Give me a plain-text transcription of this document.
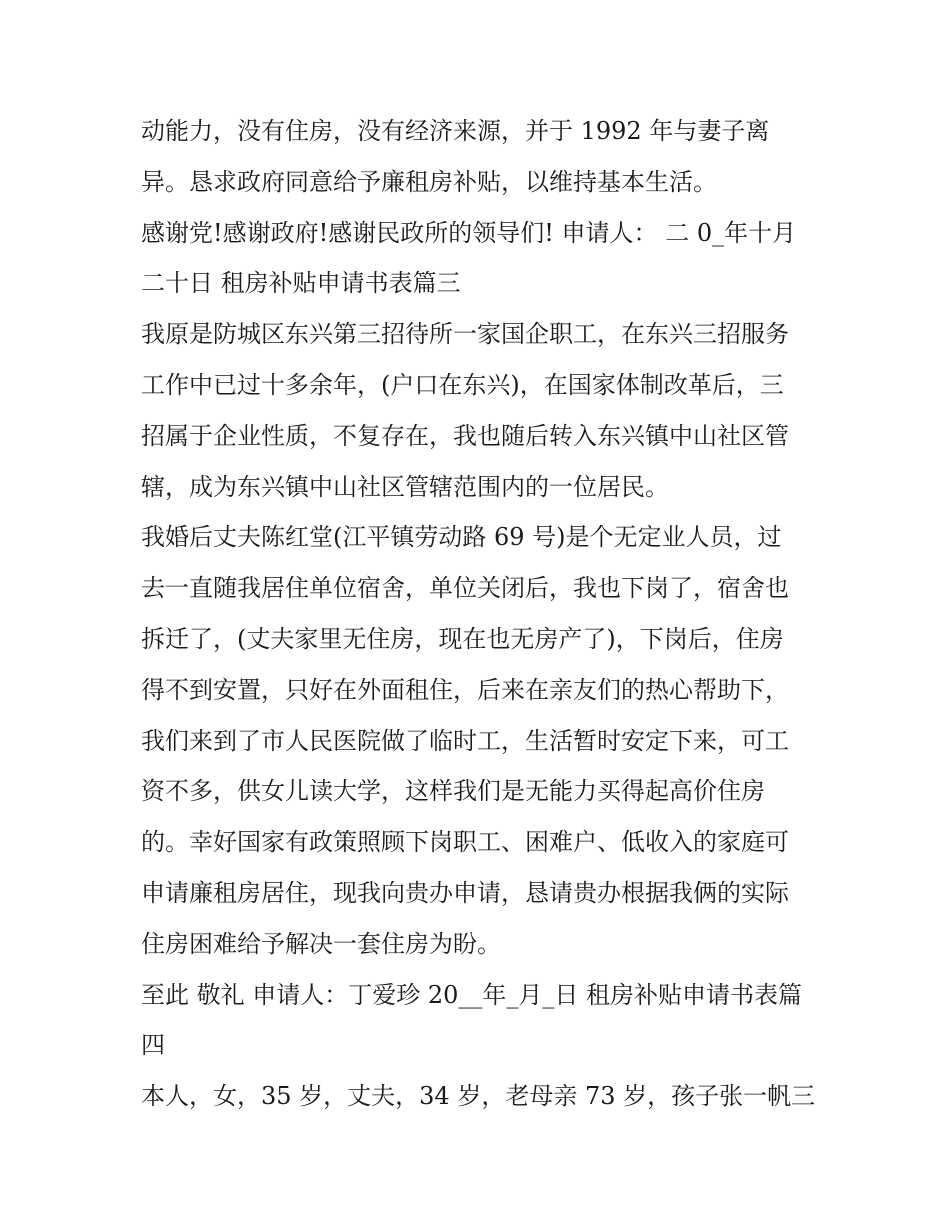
动能力，没有住房，没有经济来源，并于 1992 年与妻子离
异。恳求政府同意给予廉租房补贴，以维持基本生活。
感谢党!感谢政府!感谢民政所的领导们! 申请人： 二 0_年十月
二十日 租房补贴申请书表篇三
我原是防城区东兴第三招待所一家国企职工，在东兴三招服务
工作中已过十多余年，(户口在东兴)，在国家体制改革后，三
招属于企业性质，不复存在，我也随后转入东兴镇中山社区管
辖，成为东兴镇中山社区管辖范围内的一位居民。
我婚后丈夫陈红堂(江平镇劳动路 69 号)是个无定业人员，过
去一直随我居住单位宿舍，单位关闭后，我也下岗了，宿舍也
拆迁了，(丈夫家里无住房，现在也无房产了)，下岗后，住房
得不到安置，只好在外面租住，后来在亲友们的热心帮助下，
我们来到了市人民医院做了临时工，生活暂时安定下来，可工
资不多，供女儿读大学，这样我们是无能力买得起高价住房
的。幸好国家有政策照顾下岗职工、困难户、低收入的家庭可
申请廉租房居住，现我向贵办申请，恳请贵办根据我俩的实际
住房困难给予解决一套住房为盼。
至此 敬礼 申请人：丁爱珍 20__年_月_日 租房补贴申请书表篇
四
本人，女，35 岁，丈夫，34 岁，老母亲 73 岁，孩子张一帆三
